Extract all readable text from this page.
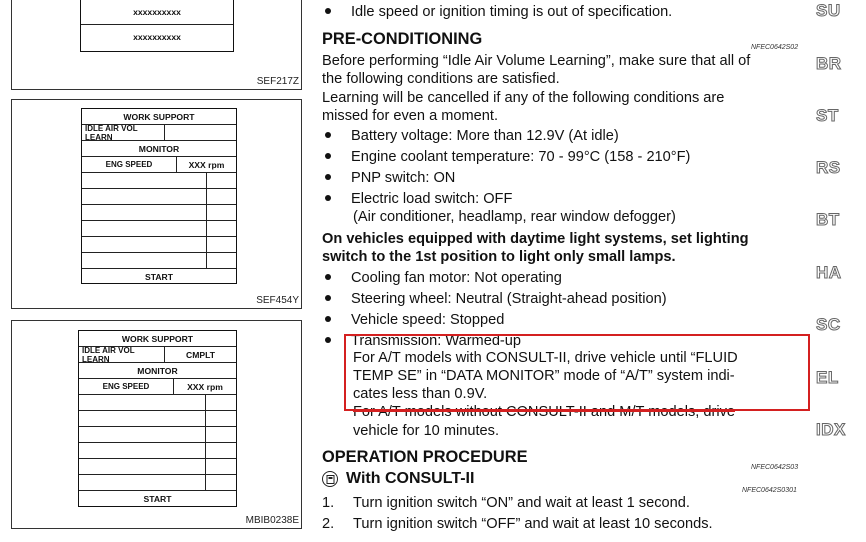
xxxxxxxxxx
xxxxxxxxxx
SEF217Z
WORK SUPPORT
IDLE AIR VOL LEARN
MONITOR
ENG SPEED	XXX rpm
START
SEF454Y
WORK SUPPORT
IDLE AIR VOL LEARN	CMPLT
MONITOR
ENG SPEED	XXX rpm
START
MBIB0238E
Idle speed or ignition timing is out of specification.
PRE-CONDITIONING	NFEC0642S02
Before performing “Idle Air Volume Learning”, make sure that all of
the following conditions are satisfied.
Learning will be cancelled if any of the following conditions are
missed for even a moment.
Battery voltage: More than 12.9V (At idle)
Engine coolant temperature: 70 - 99°C (158 - 210°F)
PNP switch: ON
Electric load switch: OFF
(Air conditioner, headlamp, rear window defogger)
On vehicles equipped with daytime light systems, set lighting
switch to the 1st position to light only small lamps.
Cooling fan motor: Not operating
Steering wheel: Neutral (Straight-ahead position)
Vehicle speed: Stopped
Transmission: Warmed-up
For A/T models with CONSULT-II, drive vehicle until “FLUID
TEMP SE” in “DATA MONITOR” mode of “A/T” system indi-
cates less than 0.9V.
For A/T models without CONSULT-II and M/T models, drive
vehicle for 10 minutes.
OPERATION PROCEDURE
NFEC0642S03
With CONSULT-II
NFEC0642S0301
1. Turn ignition switch “ON” and wait at least 1 second.
2. Turn ignition switch “OFF” and wait at least 10 seconds.
SU
BR
ST
RS
BT
HA
SC
EL
IDX
